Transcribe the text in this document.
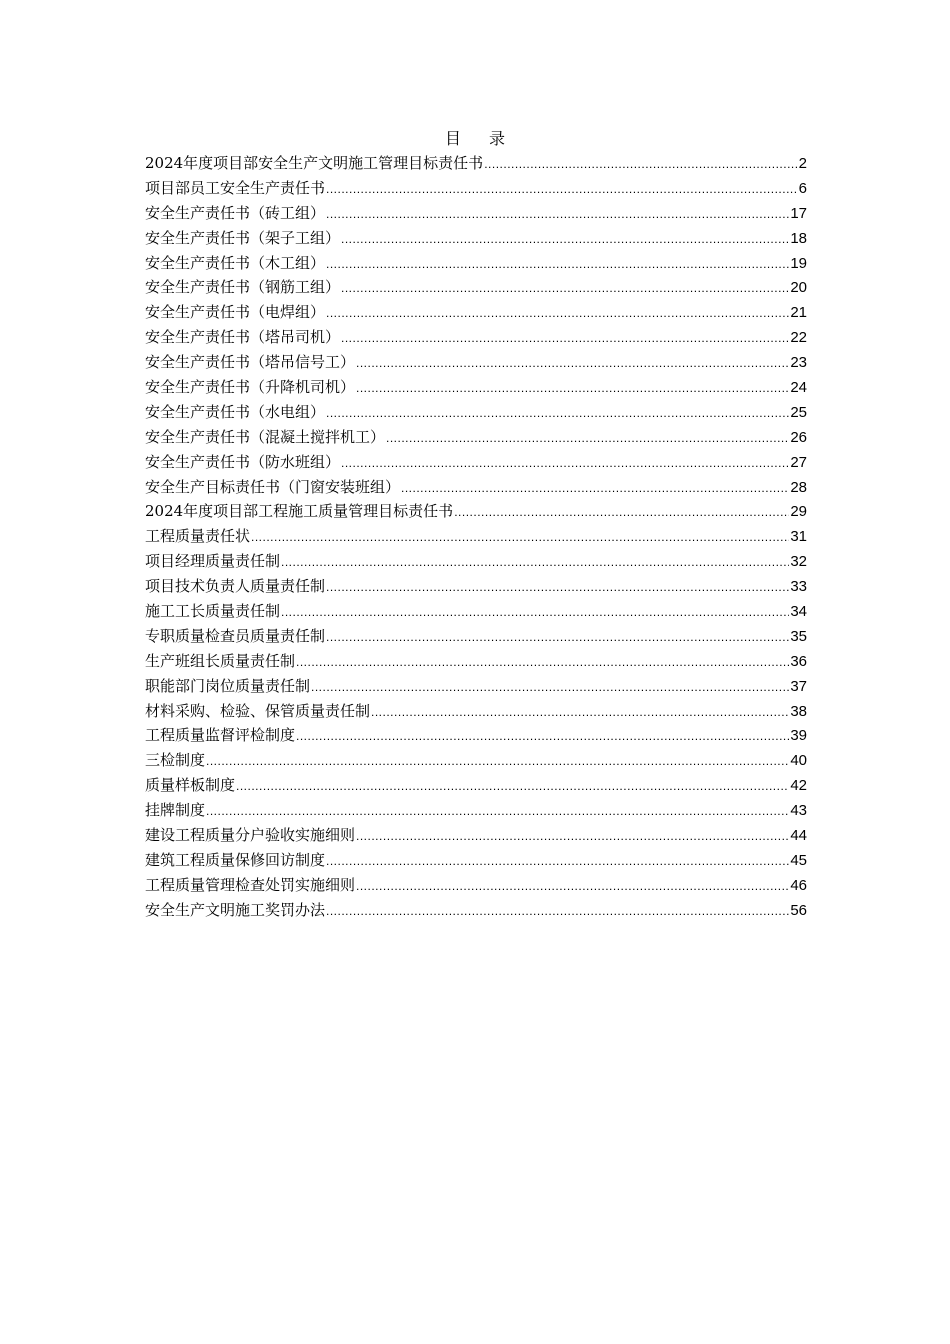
目 录
2024年度项目部安全生产文明施工管理目标责任书 .....	2
项目部员工安全生产责任书 .....	6
安全生产责任书（砖工组） .....	17
安全生产责任书（架子工组） .....	18
安全生产责任书（木工组） .....	19
安全生产责任书（钢筋工组） .....	20
安全生产责任书（电焊组） .....	21
安全生产责任书（塔吊司机） .....	22
安全生产责任书（塔吊信号工） .....	23
安全生产责任书（升降机司机） .....	24
安全生产责任书（水电组） .....	25
安全生产责任书（混凝土搅拌机工） .....	26
安全生产责任书（防水班组） .....	27
安全生产目标责任书（门窗安装班组） .....	28
2024年度项目部工程施工质量管理目标责任书 .....	29
工程质量责任状 .....	31
项目经理质量责任制 .....	32
项目技术负责人质量责任制 .....	33
施工工长质量责任制 .....	34
专职质量检查员质量责任制 .....	35
生产班组长质量责任制 .....	36
职能部门岗位质量责任制 .....	37
材料采购、检验、保管质量责任制 .....	38
工程质量监督评检制度 .....	39
三检制度 .....	40
质量样板制度 .....	42
挂牌制度 .....	43
建设工程质量分户验收实施细则 .....	44
建筑工程质量保修回访制度 .....	45
工程质量管理检查处罚实施细则 .....	46
安全生产文明施工奖罚办法 .....	56
